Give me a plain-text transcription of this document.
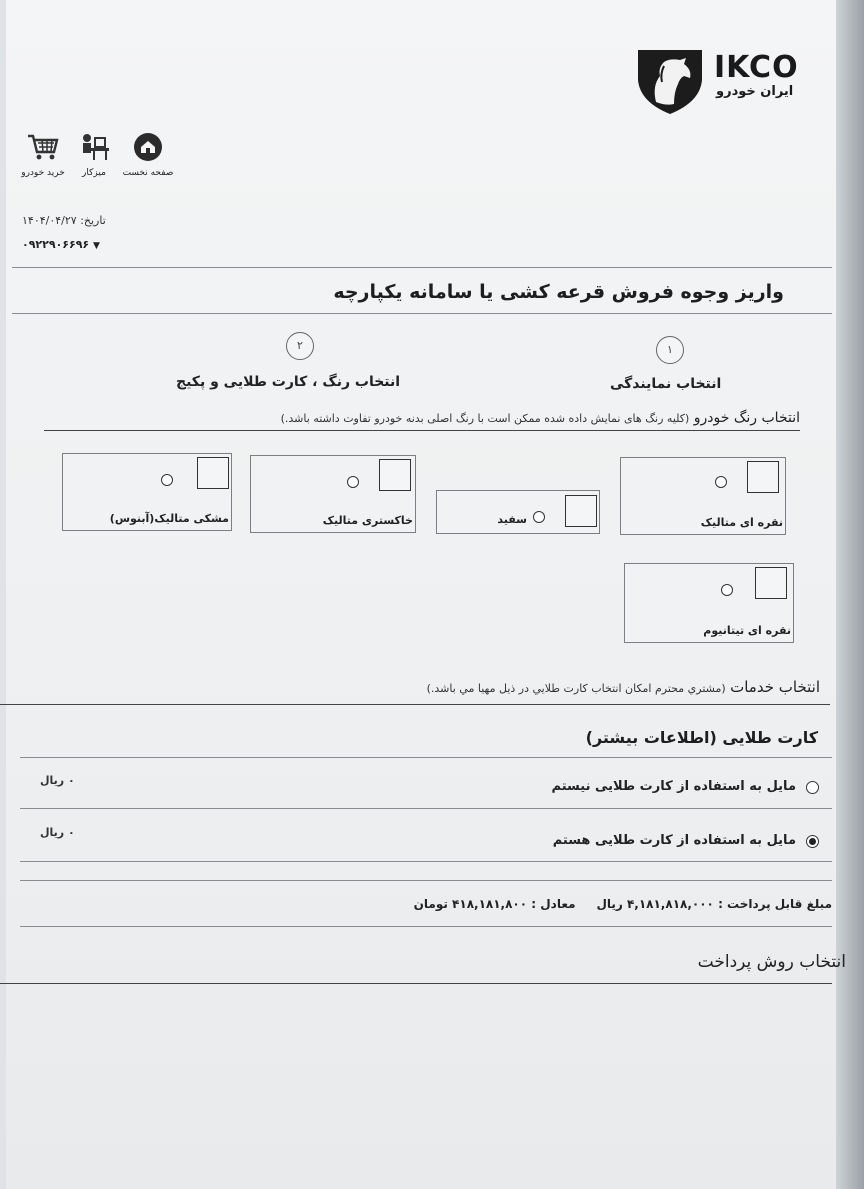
IKCO
ایران خودرو
صفحه نخست
میزکار
خرید خودرو
تاریخ: ۱۴۰۴/۰۴/۲۷
۰۹۲۲۹۰۶۶۹۶ ▼
واریز وجوه فروش قرعه کشی یا سامانه یکپارچه
۱
۲
انتخاب نمایندگی
انتخاب رنگ ، کارت طلایی و پکیج
انتخاب رنگ خودرو (کلیه رنگ های نمایش داده شده ممکن است با رنگ اصلی بدنه خودرو تفاوت داشته باشد.)
نقره ای متالیک
سفید
خاکستری متالیک
مشکی متالیک(آبنوس)
نقره ای تیتانیوم
انتخاب خدمات (مشتري محترم امكان انتخاب كارت طلايي در ذيل مهيا مي باشد.)
کارت طلایی (اطلاعات بیشتر)
مایل به استفاده از کارت طلایی نیستم
۰ ریال
مایل به استفاده از کارت طلایی هستم
۰ ریال
مبلغ قابل پرداخت : ۴,۱۸۱,۸۱۸,۰۰۰ ریال     معادل : ۴۱۸,۱۸۱,۸۰۰ تومان
انتخاب روش پرداخت
